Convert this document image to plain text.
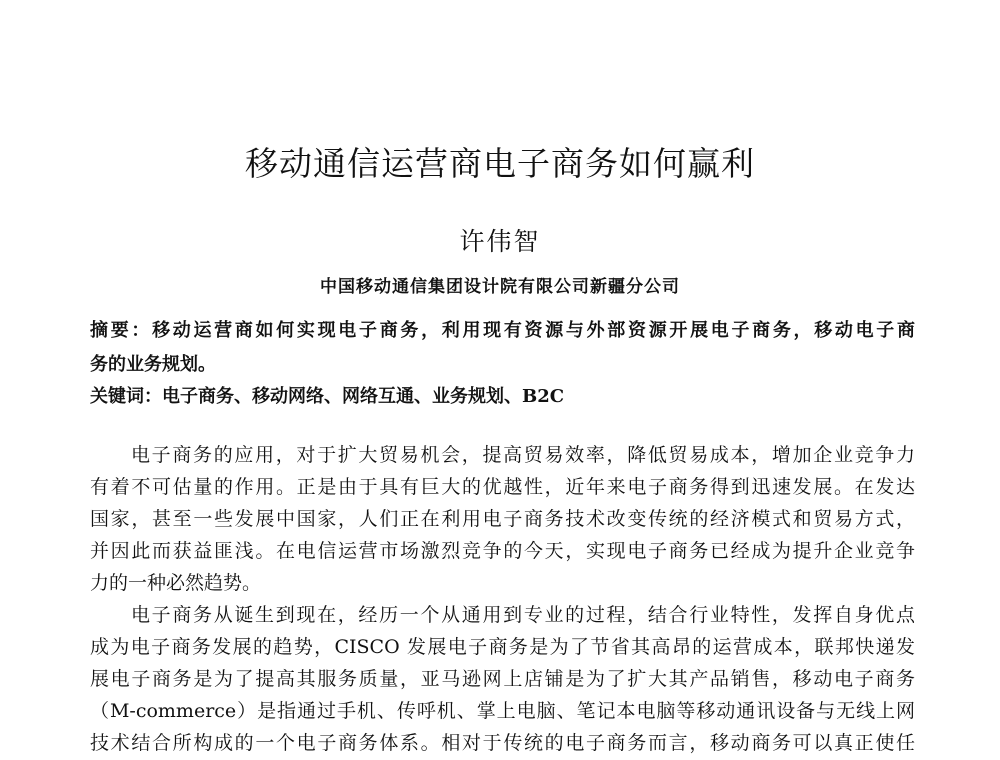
移动通信运营商电子商务如何赢利
许伟智
中国移动通信集团设计院有限公司新疆分公司
摘要：移动运营商如何实现电子商务，利用现有资源与外部资源开展电子商务，移动电子商
务的业务规划。
关键词：电子商务、移动网络、网络互通、业务规划、B2C
电子商务的应用，对于扩大贸易机会，提高贸易效率，降低贸易成本，增加企业竞争力
有着不可估量的作用。正是由于具有巨大的优越性，近年来电子商务得到迅速发展。在发达
国家，甚至一些发展中国家，人们正在利用电子商务技术改变传统的经济模式和贸易方式，
并因此而获益匪浅。在电信运营市场激烈竞争的今天，实现电子商务已经成为提升企业竞争
力的一种必然趋势。
电子商务从诞生到现在，经历一个从通用到专业的过程，结合行业特性，发挥自身优点
成为电子商务发展的趋势，CISCO 发展电子商务是为了节省其高昂的运营成本，联邦快递发
展电子商务是为了提高其服务质量，亚马逊网上店铺是为了扩大其产品销售，移动电子商务
（M-commerce）是指通过手机、传呼机、掌上电脑、笔记本电脑等移动通讯设备与无线上网
技术结合所构成的一个电子商务体系。相对于传统的电子商务而言，移动商务可以真正使任
